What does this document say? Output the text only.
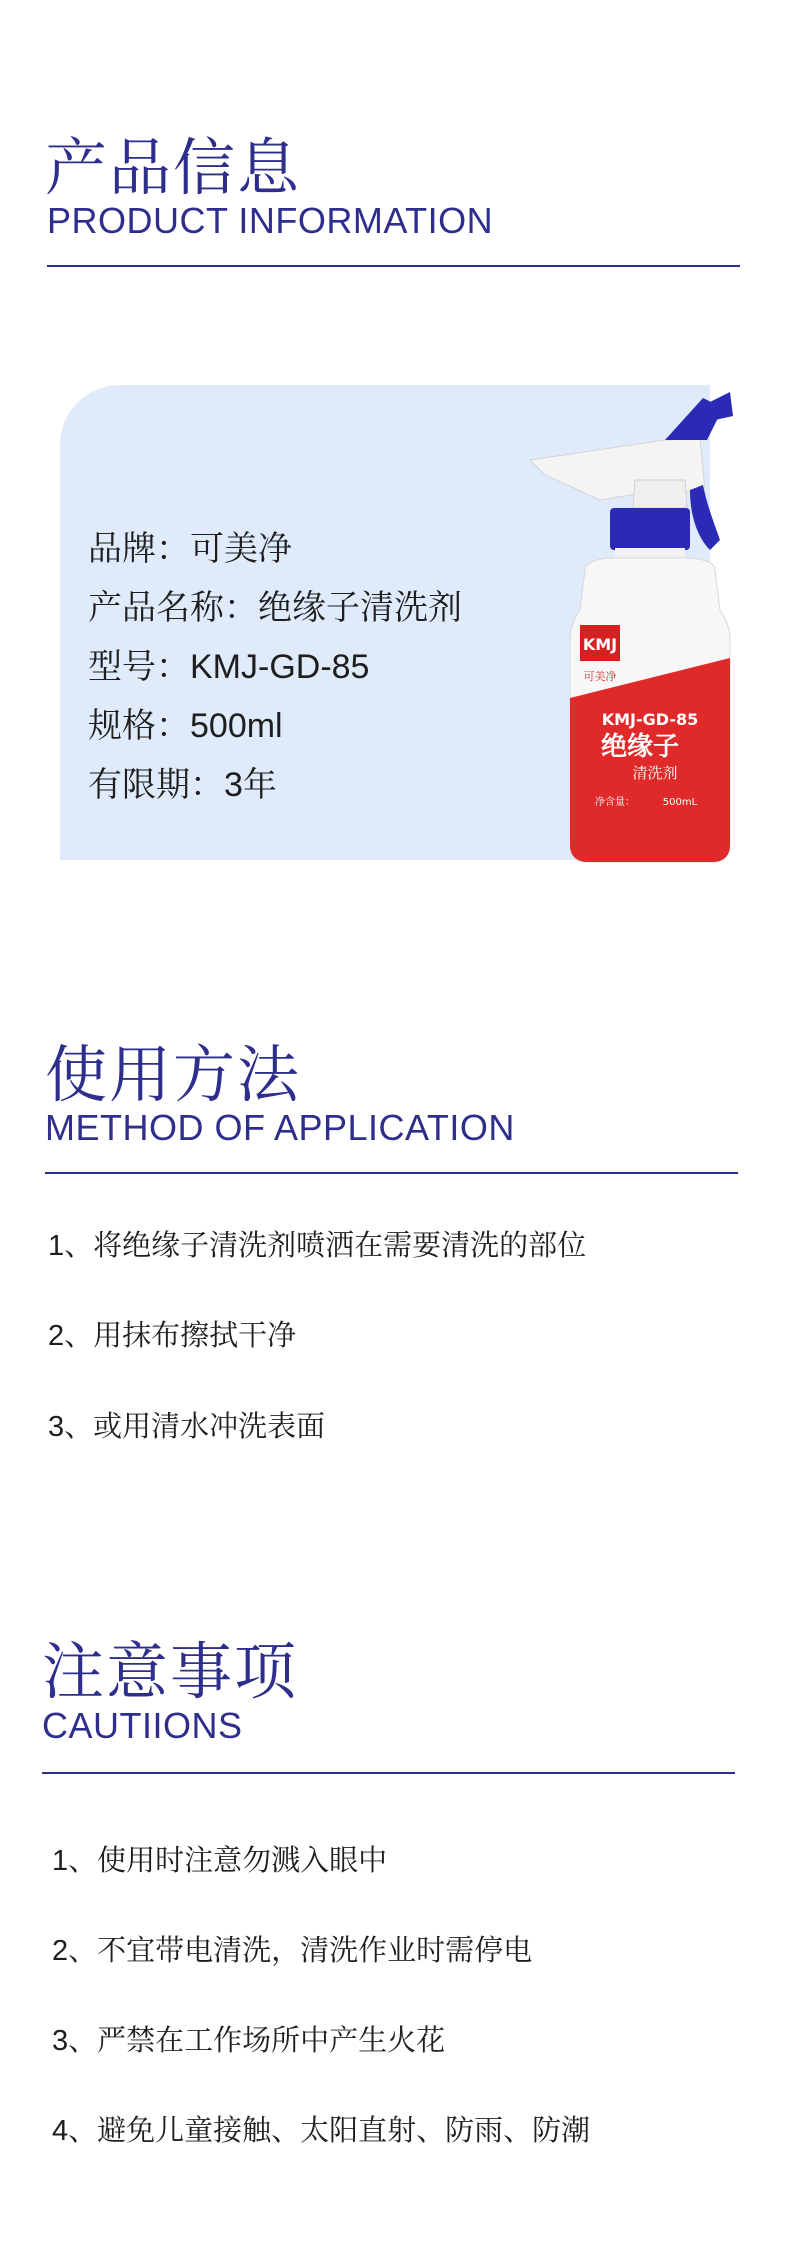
产品信息
PRODUCT INFORMATION
品牌：可美净
产品名称：绝缘子清洗剂
型号：KMJ-GD-85
规格：500ml
有限期：3年
KMJ
可美净
KMJ-GD-85
绝缘子
清洗剂
净含量：	500mL
使用方法
METHOD OF APPLICATION
1、将绝缘子清洗剂喷洒在需要清洗的部位
2、用抹布擦拭干净
3、或用清水冲洗表面
注意事项
CAUTIIONS
1、使用时注意勿溅入眼中
2、不宜带电清洗，清洗作业时需停电
3、严禁在工作场所中产生火花
4、避免儿童接触、太阳直射、防雨、防潮
